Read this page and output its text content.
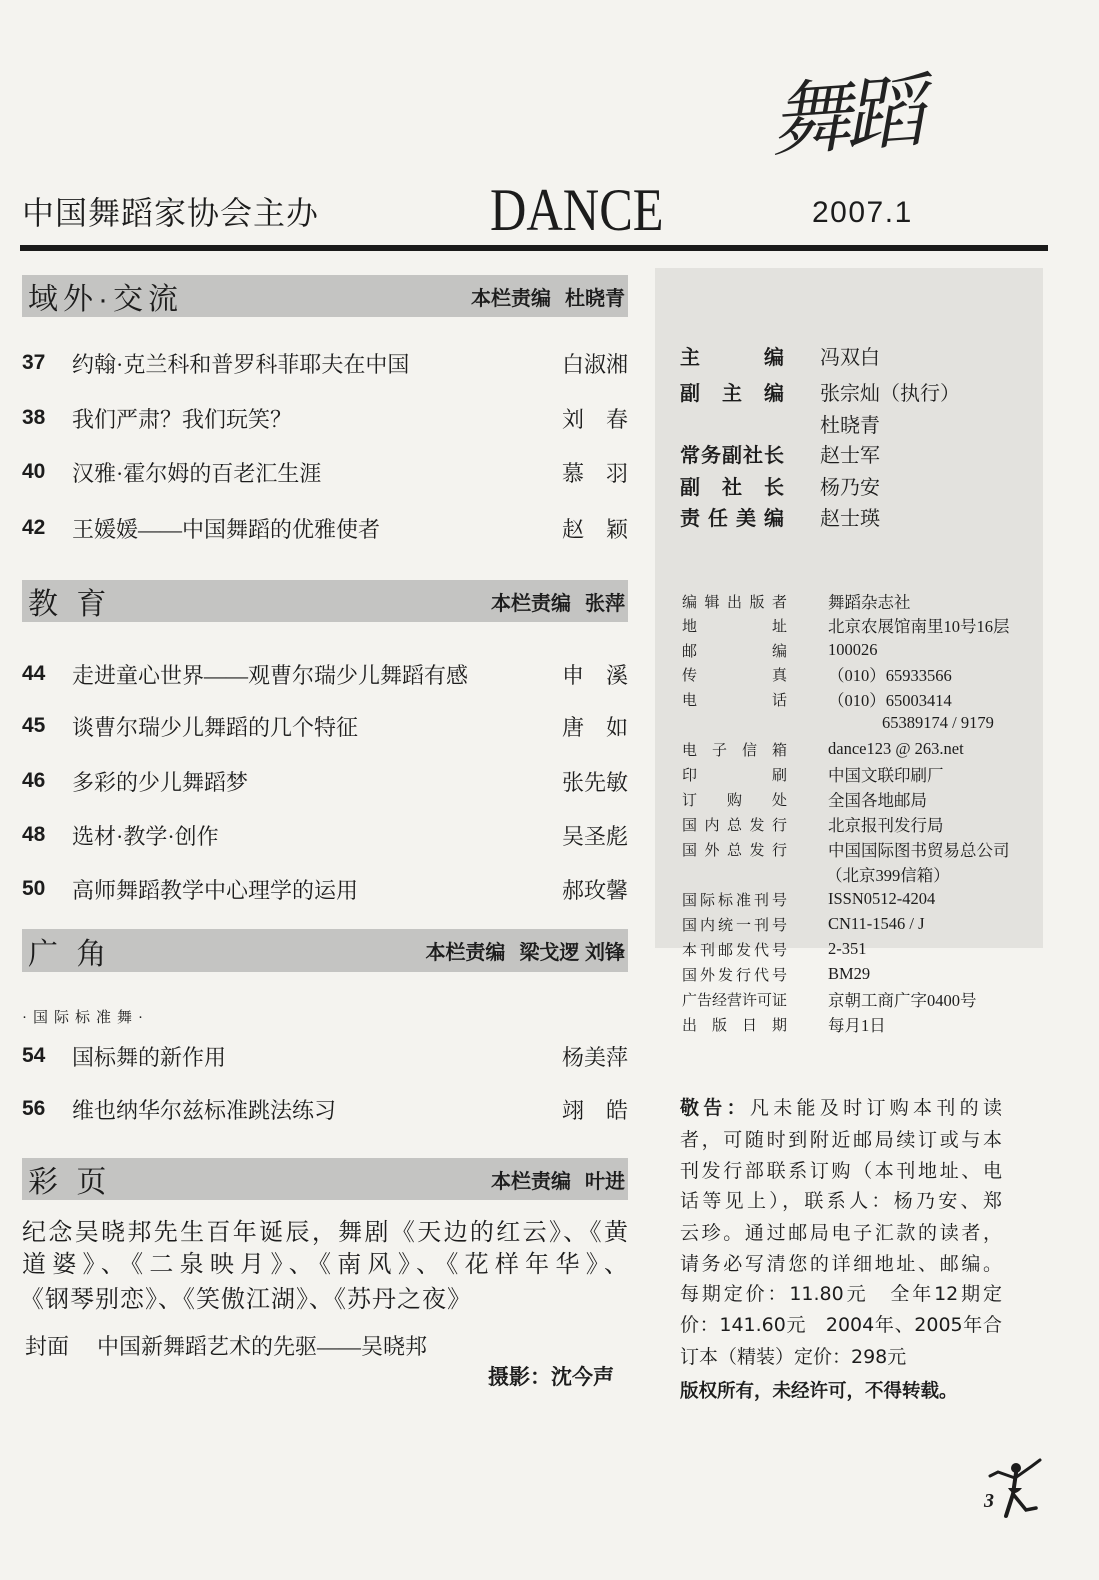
舞蹈
中国舞蹈家协会主办	DANCE	2007.1
域外·交流	本栏责编 杜晓青
37	约翰·克兰科和普罗科菲耶夫在中国	白淑湘
38	我们严肃？我们玩笑？	刘　春
40	汉雅·霍尔姆的百老汇生涯	慕　羽
42	王媛媛——中国舞蹈的优雅使者	赵　颖
教 育	本栏责编 张萍
44	走进童心世界——观曹尔瑞少儿舞蹈有感	申　溪
45	谈曹尔瑞少儿舞蹈的几个特征	唐　如
46	多彩的少儿舞蹈梦	张先敏
48	选材·教学·创作	吴圣彪
50	高师舞蹈教学中心理学的运用	郝玫馨
广 角	本栏责编 梁戈逻 刘锋
·国际标准舞·
54	国标舞的新作用	杨美萍
56	维也纳华尔兹标准跳法练习	翊　皓
彩 页	本栏责编 叶进
纪念吴晓邦先生百年诞辰，舞剧《天边的红云》、《黄
道婆》、《二泉映月》、《南风》、《花样年华》、
《钢琴别恋》、《笑傲江湖》、《苏丹之夜》
封面 中国新舞蹈艺术的先驱——吴晓邦
摄影：沈今声
主　　编 冯双白
副 主 编 张宗灿（执行）
杜晓青
常务副社长 赵士军
副 社 长 杨乃安
责任美编 赵士瑛
编辑出版者 舞蹈杂志社
地　　址 北京农展馆南里10号16层
邮　　编 100026
传　　真 （010）65933566
电　　话 （010）65003414
65389174 / 9179
电子信箱 dance123 @ 263.net
印　　刷 中国文联印刷厂
订 购 处 全国各地邮局
国内总发行 北京报刊发行局
国外总发行 中国国际图书贸易总公司
（北京399信箱）
国际标准刊号 ISSN0512-4204
国内统一刊号 CN11-1546 / J
本刊邮发代号 2-351
国外发行代号 BM29
广告经营许可证 京朝工商广字0400号
出 版 日 期 每月1日
敬告：凡未能及时订购本刊的读
者，可随时到附近邮局续订或与本
刊发行部联系订购（本刊地址、电
话等见上），联系人：杨乃安、郑
云珍。通过邮局电子汇款的读者，
请务必写清您的详细地址、邮编。
每期定价：11.80元　全年12期定
价：141.60元　2004年、2005年合
订本（精装）定价：298元
版权所有，未经许可，不得转载。
3
